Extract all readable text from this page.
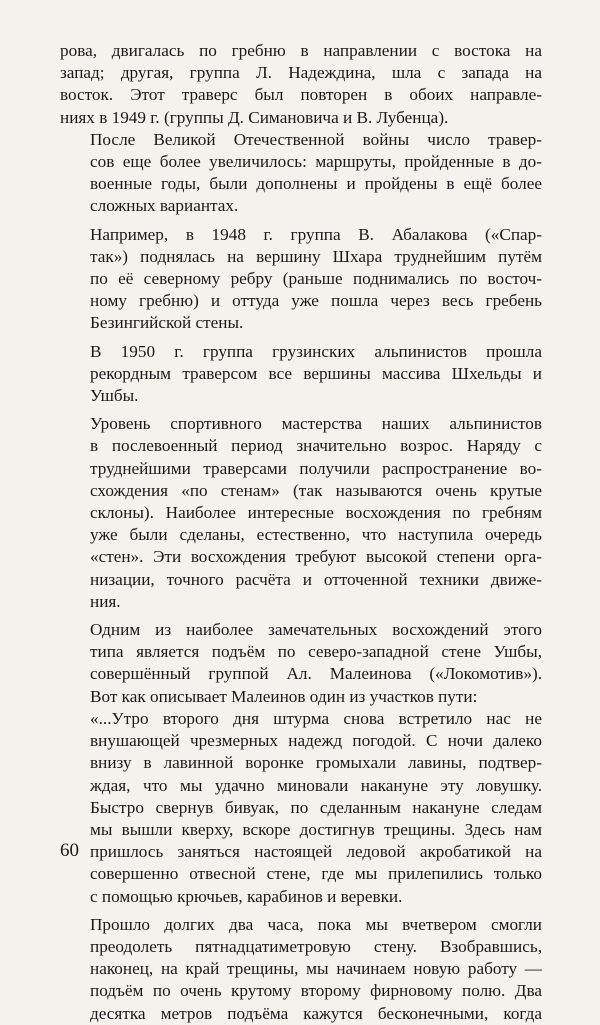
рова, двигалась по гребню в направлении с востока на
запад; другая, группа Л. Надеждина, шла с запада на
восток. Этот траверс был повторен в обоих направле-
ниях в 1949 г. (группы Д. Симановича и В. Лубенца).

После Великой Отечественной войны число травер-
сов еще более увеличилось: маршруты, пройденные в до-
военные годы, были дополнены и пройдены в ещё более
сложных вариантах.

Например, в 1948 г. группа В. Абалакова («Спар-
так») поднялась на вершину Шхара труднейшим путём
по её северному ребру (раньше поднимались по восточ-
ному гребню) и оттуда уже пошла через весь гребень
Безингийской стены.

В 1950 г. группа грузинских альпинистов прошла
рекордным траверсом все вершины массива Шхельды и
Ушбы.

Уровень спортивного мастерства наших альпинистов
в послевоенный период значительно возрос. Наряду с
труднейшими траверсами получили распространение во-
схождения «по стенам» (так называются очень крутые
склоны). Наиболее интересные восхождения по гребням
уже были сделаны, естественно, что наступила очередь
«стен». Эти восхождения требуют высокой степени орга-
низации, точного расчёта и отточенной техники движе-
ния.

Одним из наиболее замечательных восхождений этого
типа является подъём по северо-западной стене Ушбы,
совершённый группой Ал. Малеинова («Локомотив»).
Вот как описывает Малеинов один из участков пути:

«...Утро второго дня штурма снова встретило нас не
внушающей чрезмерных надежд погодой. С ночи далеко
внизу в лавинной воронке громыхали лавины, подтвер-
ждая, что мы удачно миновали накануне эту ловушку.
Быстро свернув бивуак, по сделанным накануне следам
мы вышли кверху, вскоре достигнув трещины. Здесь нам
пришлось заняться настоящей ледовой акробатикой на
совершенно отвесной стене, где мы прилепились только
с помощью крючьев, карабинов и веревки.

Прошло долгих два часа, пока мы вчетвером смогли
преодолеть пятнадцатиметровую стену. Взобравшись,
наконец, на край трещины, мы начинаем новую работу —
подъём по очень крутому второму фирновому полю. Два
десятка метров подъёма кажутся бесконечными, когда

60
